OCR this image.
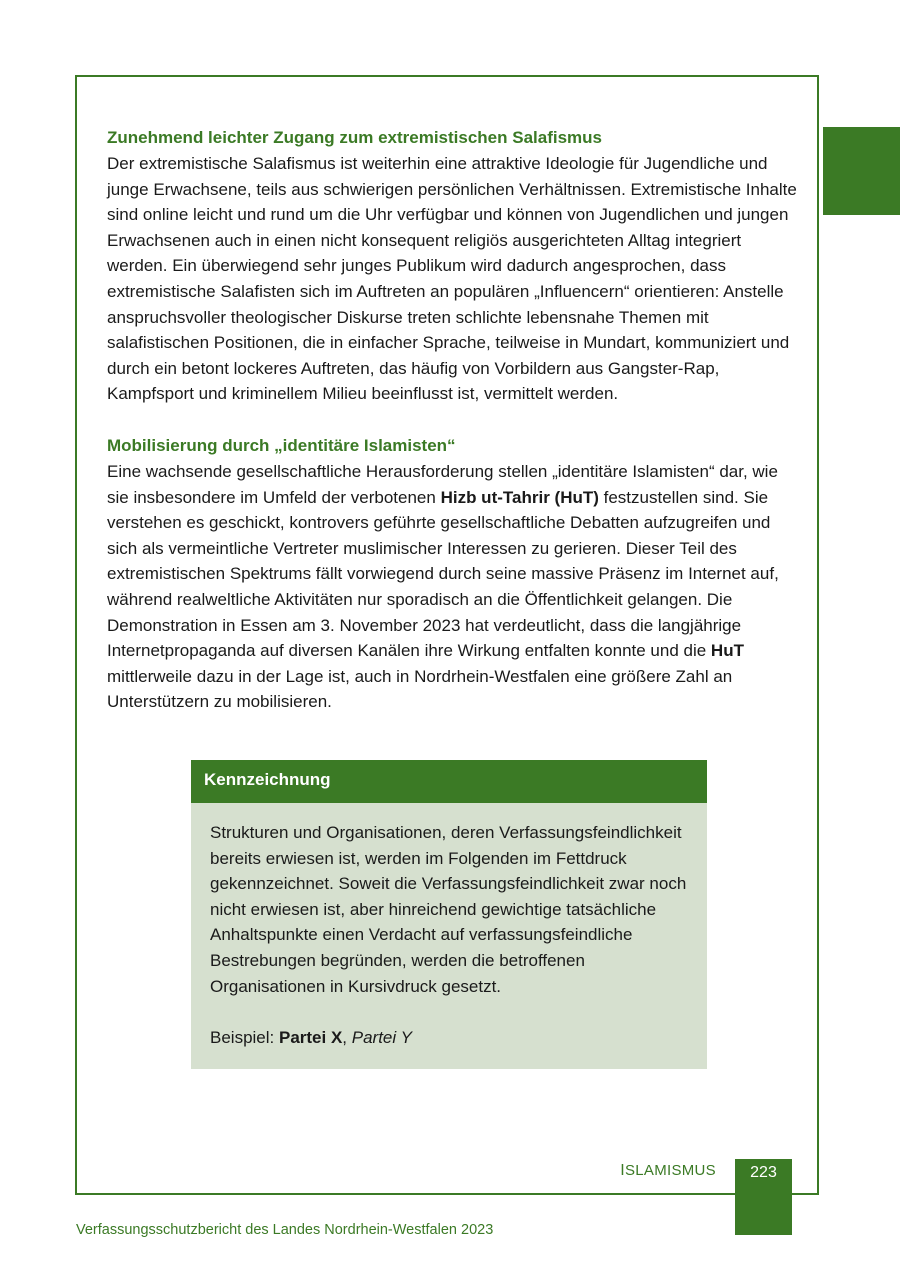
Zunehmend leichter Zugang zum extremistischen Salafismus

Der extremistische Salafismus ist weiterhin eine attraktive Ideologie für Jugendliche und junge Erwachsene, teils aus schwierigen persönlichen Verhältnissen. Extremistische Inhalte sind online leicht und rund um die Uhr verfügbar und können von Jugendlichen und jungen Erwachsenen auch in einen nicht konsequent religiös ausgerichteten Alltag integriert werden. Ein überwiegend sehr junges Publikum wird dadurch angesprochen, dass extremistische Salafisten sich im Auftreten an populären „Influencern“ orientieren: Anstelle anspruchsvoller theologischer Diskurse treten schlichte lebensnahe Themen mit salafistischen Positionen, die in einfacher Sprache, teilweise in Mundart, kommuniziert und durch ein betont lockeres Auftreten, das häufig von Vorbildern aus Gangster-Rap, Kampfsport und kriminellem Milieu beeinflusst ist, vermittelt werden.

Mobilisierung durch „identitäre Islamisten“

Eine wachsende gesellschaftliche Herausforderung stellen „identitäre Islamisten“ dar, wie sie insbesondere im Umfeld der verbotenen Hizb ut-Tahrir (HuT) festzustellen sind. Sie verstehen es geschickt, kontrovers geführte gesellschaftliche Debatten aufzugreifen und sich als vermeintliche Vertreter muslimischer Interessen zu gerieren. Dieser Teil des extremistischen Spektrums fällt vorwiegend durch seine massive Präsenz im Internet auf, während realweltliche Aktivitäten nur sporadisch an die Öffentlichkeit gelangen. Die Demonstration in Essen am 3. November 2023 hat verdeutlicht, dass die langjährige Internetpropaganda auf diversen Kanälen ihre Wirkung entfalten konnte und die HuT mittlerweile dazu in der Lage ist, auch in Nordrhein-Westfalen eine größere Zahl an Unterstützern zu mobilisieren.

Kennzeichnung
Strukturen und Organisationen, deren Verfassungsfeindlichkeit bereits erwiesen ist, werden im Folgenden im Fettdruck gekennzeichnet. Soweit die Verfassungsfeindlichkeit zwar noch nicht erwiesen ist, aber hinreichend gewichtige tatsächliche Anhaltspunkte einen Verdacht auf verfassungsfeindliche Bestrebungen begründen, werden die betroffenen Organisationen in Kursivdruck gesetzt.
Beispiel: Partei X, Partei Y
ISLAMISMUS	223
Verfassungsschutzbericht des Landes Nordrhein-Westfalen 2023
